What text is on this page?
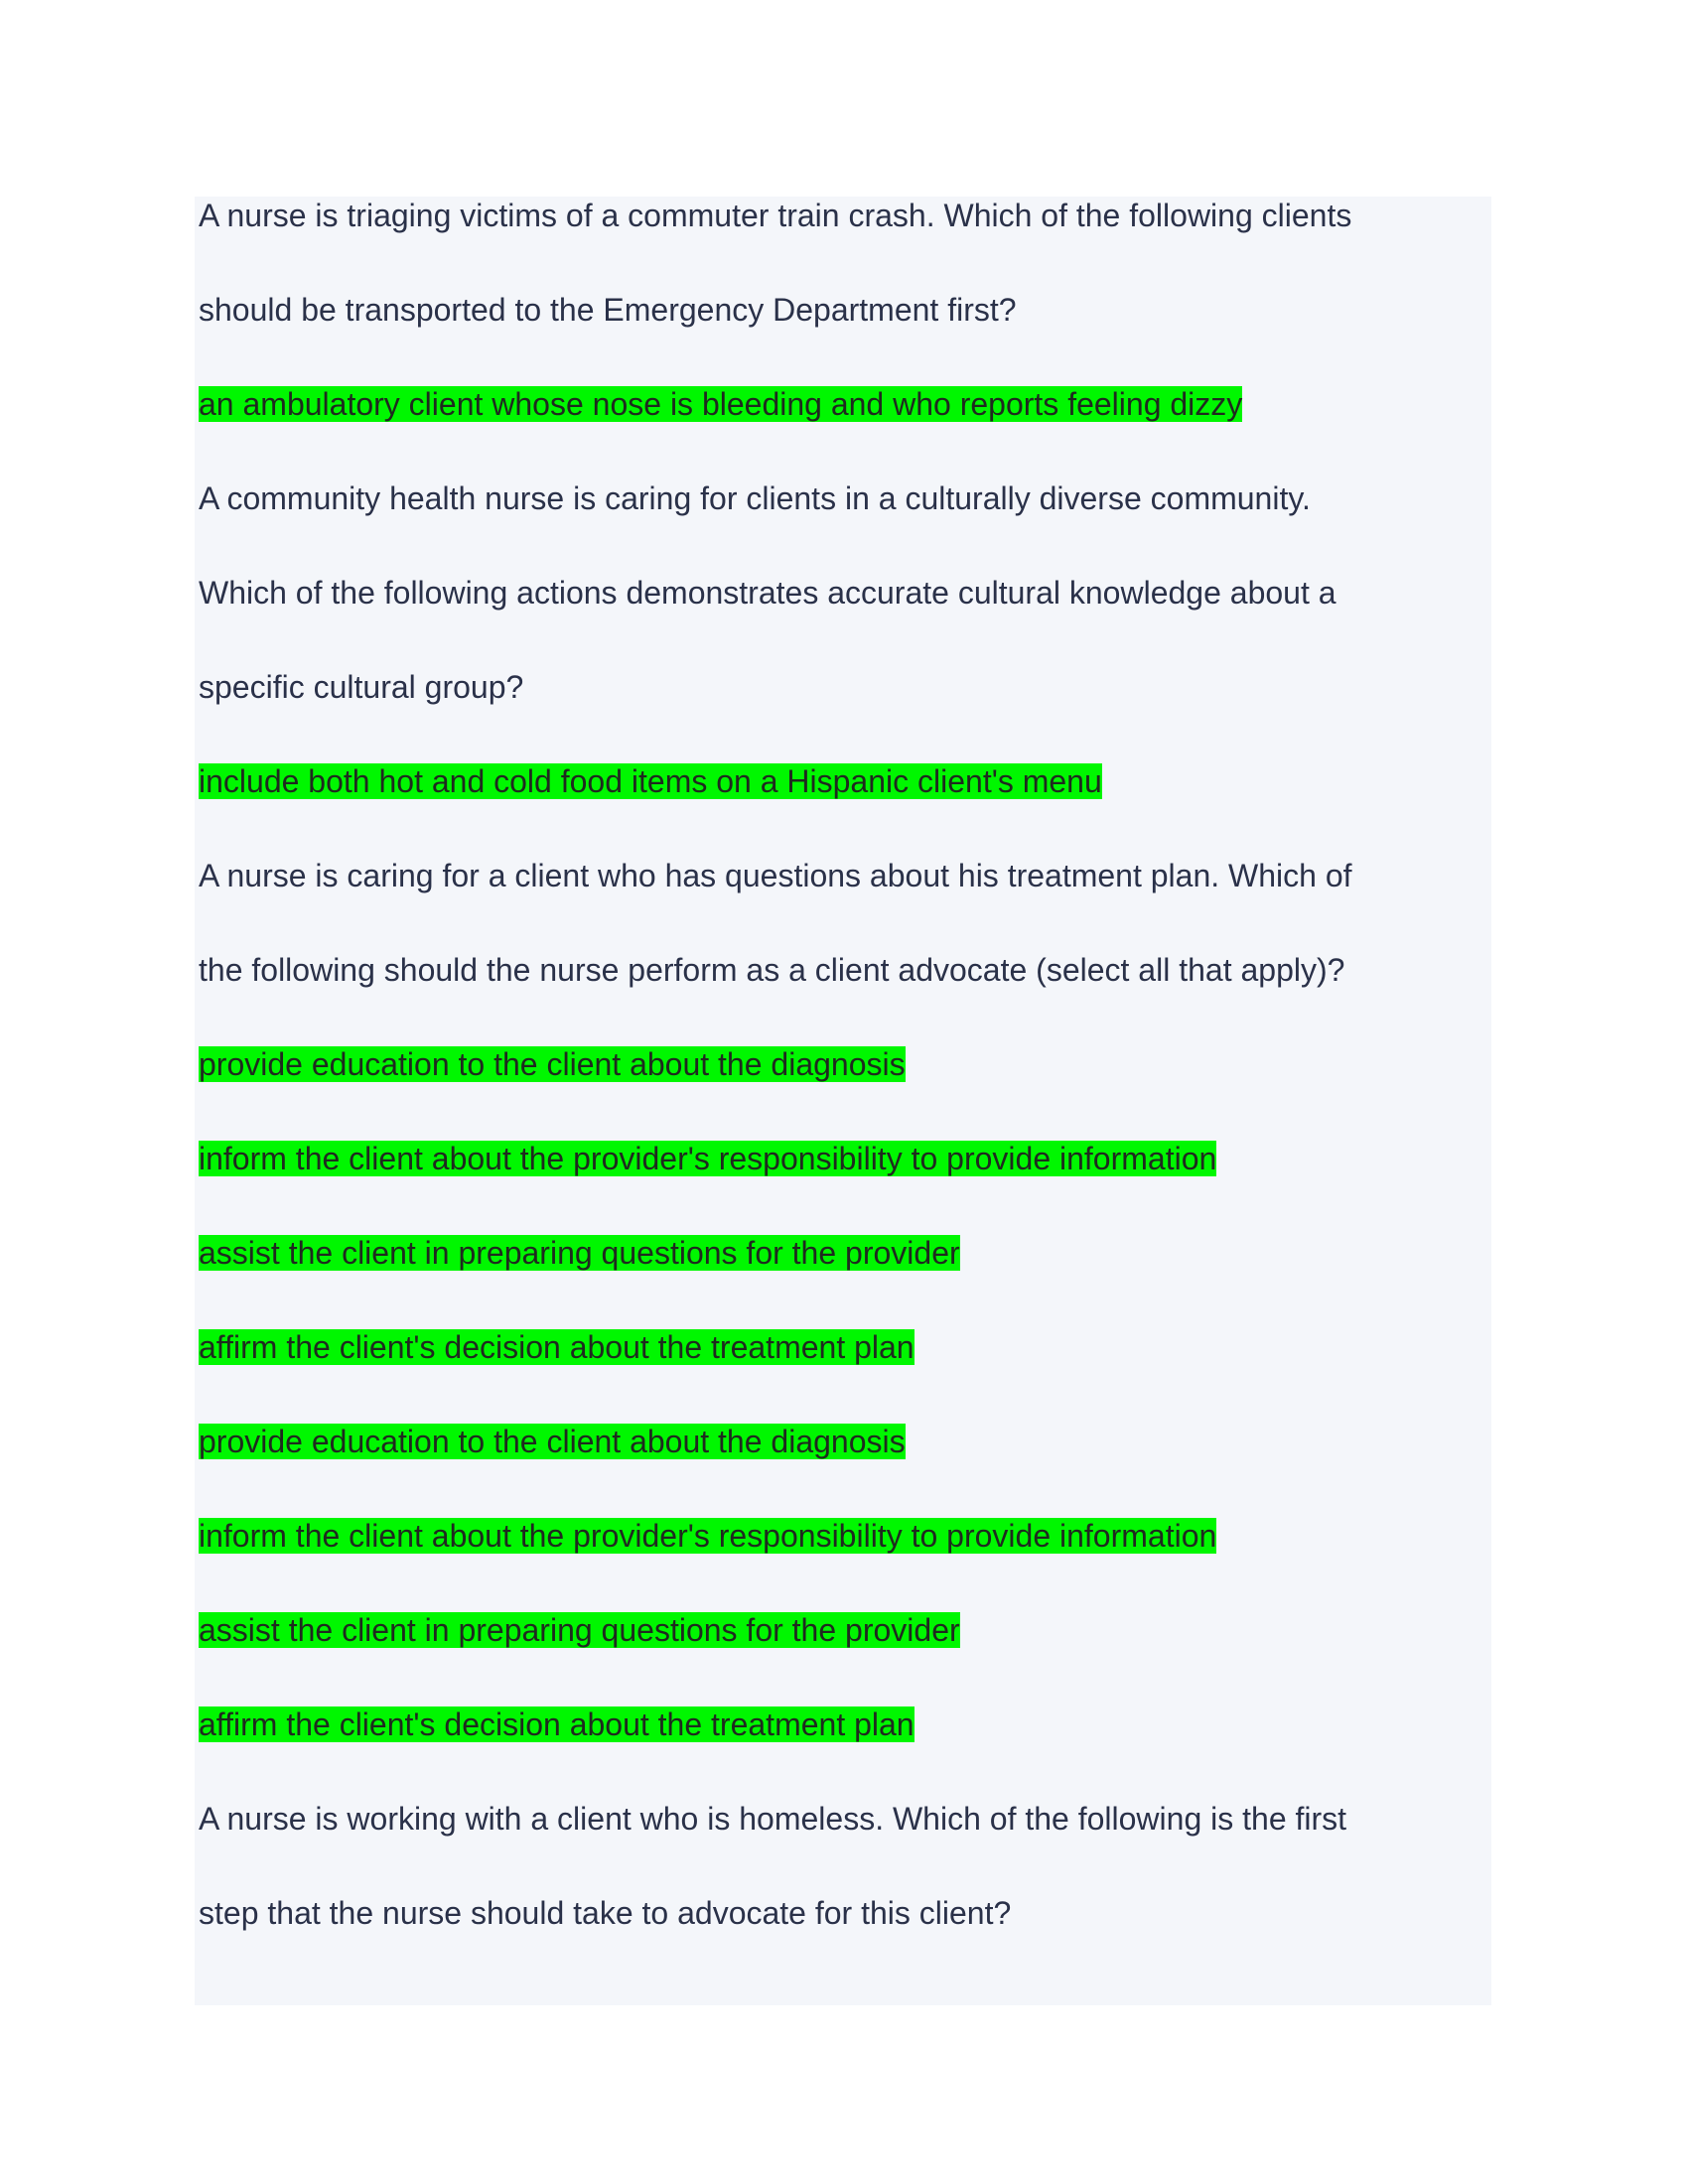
A nurse is triaging victims of a commuter train crash. Which of the following clients
should be transported to the Emergency Department first?
an ambulatory client whose nose is bleeding and who reports feeling dizzy
A community health nurse is caring for clients in a culturally diverse community.
Which of the following actions demonstrates accurate cultural knowledge about a
specific cultural group?
include both hot and cold food items on a Hispanic client's menu
A nurse is caring for a client who has questions about his treatment plan. Which of
the following should the nurse perform as a client advocate (select all that apply)?
provide education to the client about the diagnosis
inform the client about the provider's responsibility to provide information
assist the client in preparing questions for the provider
affirm the client's decision about the treatment plan
provide education to the client about the diagnosis
inform the client about the provider's responsibility to provide information
assist the client in preparing questions for the provider
affirm the client's decision about the treatment plan
A nurse is working with a client who is homeless. Which of the following is the first
step that the nurse should take to advocate for this client?
